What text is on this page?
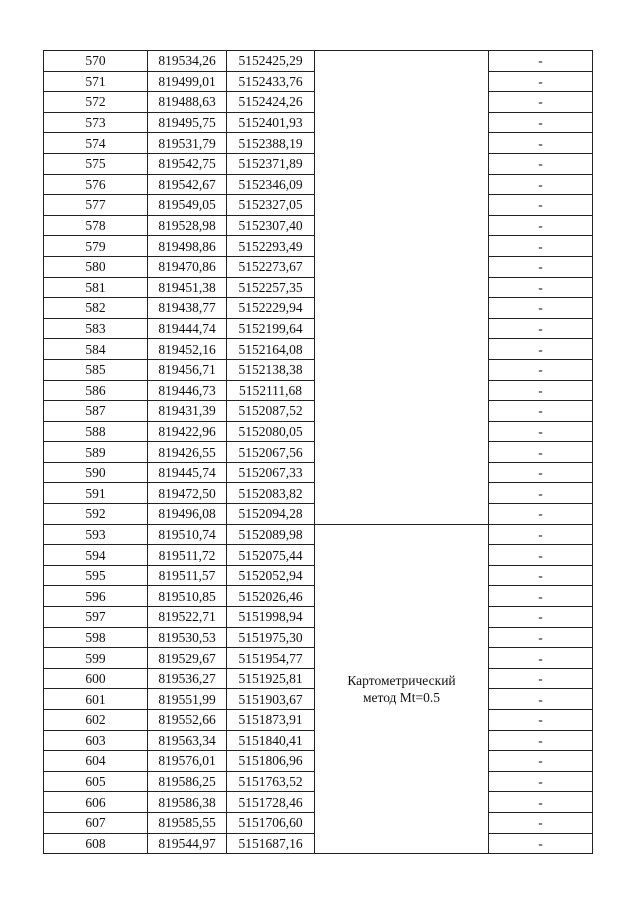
570	819534,26	5152425,29		-
571	819499,01	5152433,76		-
572	819488,63	5152424,26		-
573	819495,75	5152401,93		-
574	819531,79	5152388,19		-
575	819542,75	5152371,89		-
576	819542,67	5152346,09		-
577	819549,05	5152327,05		-
578	819528,98	5152307,40		-
579	819498,86	5152293,49		-
580	819470,86	5152273,67		-
581	819451,38	5152257,35		-
582	819438,77	5152229,94		-
583	819444,74	5152199,64		-
584	819452,16	5152164,08		-
585	819456,71	5152138,38		-
586	819446,73	5152111,68		-
587	819431,39	5152087,52		-
588	819422,96	5152080,05		-
589	819426,55	5152067,56		-
590	819445,74	5152067,33		-
591	819472,50	5152083,82		-
592	819496,08	5152094,28		-
593	819510,74	5152089,98	Картометрический
метод Mt=0.5	-
594	819511,72	5152075,44		-
595	819511,57	5152052,94		-
596	819510,85	5152026,46		-
597	819522,71	5151998,94		-
598	819530,53	5151975,30		-
599	819529,67	5151954,77		-
600	819536,27	5151925,81		-
601	819551,99	5151903,67		-
602	819552,66	5151873,91		-
603	819563,34	5151840,41		-
604	819576,01	5151806,96		-
605	819586,25	5151763,52		-
606	819586,38	5151728,46		-
607	819585,55	5151706,60		-
608	819544,97	5151687,16		-
